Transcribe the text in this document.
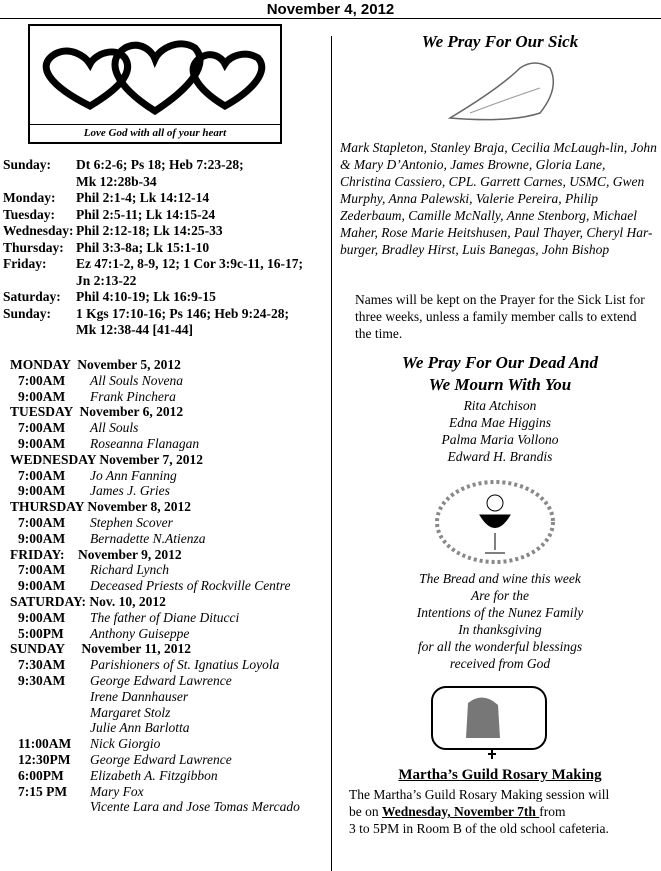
November 4, 2012
Love God with all of your heart
Sunday:	Dt 6:2-6; Ps 18; Heb 7:23-28;
Mk 12:28b-34
Monday:	Phil 2:1-4; Lk 14:12-14
Tuesday:	Phil 2:5-11; Lk 14:15-24
Wednesday: Phil 2:12-18; Lk 14:25-33
Thursday: Phil 3:3-8a; Lk 15:1-10
Friday:	Ez 47:1-2, 8-9, 12; 1 Cor 3:9c-11, 16-17;
Jn 2:13-22
Saturday:	Phil 4:10-19; Lk 16:9-15
Sunday:	1 Kgs 17:10-16; Ps 146; Heb 9:24-28;
Mk 12:38-44 [41-44]
MONDAY  November 5, 2012
7:00AM	All Souls Novena
9:00AM	Frank Pinchera
TUESDAY  November 6, 2012
7:00AM	All Souls
9:00AM	Roseanna Flanagan
WEDNESDAY November 7, 2012
7:00AM	Jo Ann Fanning
9:00AM	James J. Gries
THURSDAY November 8, 2012
7:00AM	Stephen Scover
9:00AM	Bernadette N.Atienza
FRIDAY:    November 9, 2012
7:00AM	Richard Lynch
9:00AM	Deceased Priests of Rockville Centre
SATURDAY: Nov. 10, 2012
9:00AM	The father of Diane Ditucci
5:00PM	Anthony Guiseppe
SUNDAY     November 11, 2012
7:30AM	Parishioners of St. Ignatius Loyola
9:30AM	George Edward Lawrence
Irene Dannhauser
Margaret Stolz
Julie Ann Barlotta
11:00AM	Nick Giorgio
12:30PM	George Edward Lawrence
6:00PM	Elizabeth A. Fitzgibbon
7:15 PM	Mary Fox
Vicente Lara and Jose Tomas Mercado
We Pray For Our Sick
Mark Stapleton, Stanley Braja, Cecilia McLaugh-lin, John & Mary D’Antonio, James Browne, Gloria Lane, Christina Cassiero, CPL. Garrett Carnes, USMC, Gwen Murphy, Anna Palewski, Valerie Pereira, Philip Zederbaum, Camille McNally, Anne Stenborg, Michael Maher, Rose Marie Heitshusen, Paul Thayer, Cheryl Har-burger, Bradley Hirst, Luis Banegas, John Bishop
Names will be kept on the Prayer for the Sick List for three weeks, unless a family member calls to extend the time.
We Pray For Our Dead And
We Mourn With You
Rita Atchison
Edna Mae Higgins
Palma Maria Vollono
Edward H. Brandis
The Bread and wine this week
Are for the
Intentions of the Nunez Family
In thanksgiving
for all the wonderful blessings
received from God
Martha’s Guild Rosary Making
The Martha’s Guild Rosary Making session will
be on Wednesday, November 7th from
3 to 5PM in Room B of the old school cafeteria.
